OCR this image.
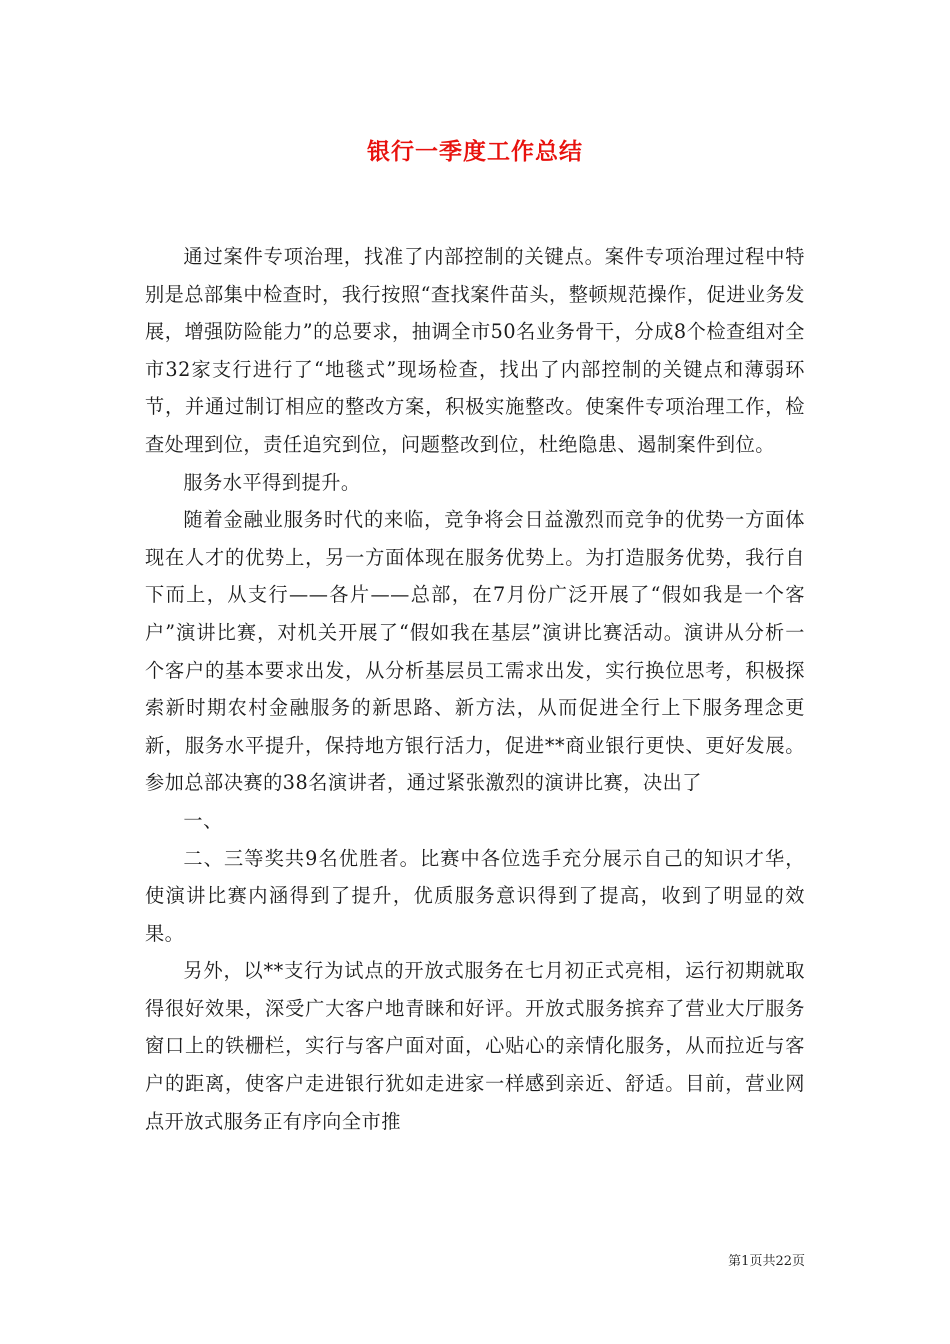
银行一季度工作总结

通过案件专项治理，找准了内部控制的关键点。案件专项治理过程中特别是总部集中检查时，我行按照“查找案件苗头，整顿规范操作，促进业务发展，增强防险能力”的总要求，抽调全市50名业务骨干，分成8个检查组对全市32家支行进行了“地毯式”现场检查，找出了内部控制的关键点和薄弱环节，并通过制订相应的整改方案，积极实施整改。使案件专项治理工作，检查处理到位，责任追究到位，问题整改到位，杜绝隐患、遏制案件到位。

服务水平得到提升。

随着金融业服务时代的来临，竞争将会日益激烈而竞争的优势一方面体现在人才的优势上，另一方面体现在服务优势上。为打造服务优势，我行自下而上，从支行——各片——总部，在7月份广泛开展了“假如我是一个客户”演讲比赛，对机关开展了“假如我在基层”演讲比赛活动。演讲从分析一个客户的基本要求出发，从分析基层员工需求出发，实行换位思考，积极探索新时期农村金融服务的新思路、新方法，从而促进全行上下服务理念更新，服务水平提升，保持地方银行活力，促进**商业银行更快、更好发展。参加总部决赛的38名演讲者，通过紧张激烈的演讲比赛，决出了

一、

二、三等奖共9名优胜者。比赛中各位选手充分展示自己的知识才华，使演讲比赛内涵得到了提升，优质服务意识得到了提高，收到了明显的效果。

另外，以**支行为试点的开放式服务在七月初正式亮相，运行初期就取得很好效果，深受广大客户地青睐和好评。开放式服务摈弃了营业大厅服务窗口上的铁栅栏，实行与客户面对面，心贴心的亲情化服务，从而拉近与客户的距离，使客户走进银行犹如走进家一样感到亲近、舒适。目前，营业网点开放式服务正有序向全市推

第1页共22页
